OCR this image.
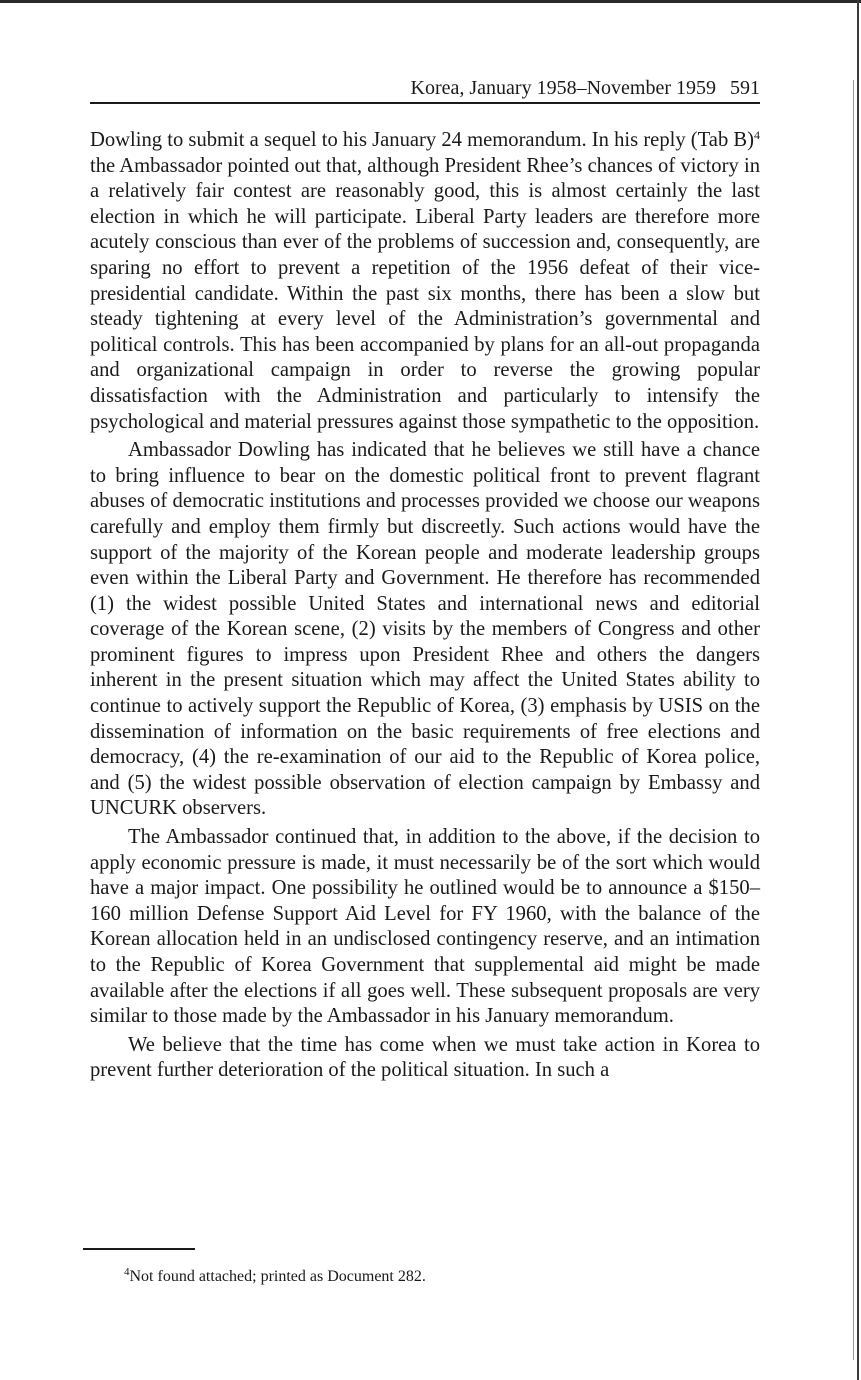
Korea, January 1958–November 1959 591

Dowling to submit a sequel to his January 24 memorandum. In his reply (Tab B)$^4$ the Ambassador pointed out that, although President Rhee’s chances of victory in a relatively fair contest are reasonably good, this is almost certainly the last election in which he will participate. Liberal Party leaders are therefore more acutely conscious than ever of the problems of succession and, consequently, are sparing no effort to prevent a repetition of the 1956 defeat of their vice-presidential candidate. Within the past six months, there has been a slow but steady tightening at every level of the Administration’s governmental and political controls. This has been accompanied by plans for an all-out propaganda and organizational campaign in order to reverse the growing popular dissatisfaction with the Administration and particularly to intensify the psychological and material pressures against those sympathetic to the opposition.

Ambassador Dowling has indicated that he believes we still have a chance to bring influence to bear on the domestic political front to prevent flagrant abuses of democratic institutions and processes provided we choose our weapons carefully and employ them firmly but discreetly. Such actions would have the support of the majority of the Korean people and moderate leadership groups even within the Liberal Party and Government. He therefore has recommended (1) the widest possible United States and international news and editorial coverage of the Korean scene, (2) visits by the members of Congress and other prominent figures to impress upon President Rhee and others the dangers inherent in the present situation which may affect the United States ability to continue to actively support the Republic of Korea, (3) emphasis by USIS on the dissemination of information on the basic requirements of free elections and democracy, (4) the re-examination of our aid to the Republic of Korea police, and (5) the widest possible observation of election campaign by Embassy and UNCURK observers.

The Ambassador continued that, in addition to the above, if the decision to apply economic pressure is made, it must necessarily be of the sort which would have a major impact. One possibility he outlined would be to announce a $150–160 million Defense Support Aid Level for FY 1960, with the balance of the Korean allocation held in an undisclosed contingency reserve, and an intimation to the Republic of Korea Government that supplemental aid might be made available after the elections if all goes well. These subsequent proposals are very similar to those made by the Ambassador in his January memorandum.

We believe that the time has come when we must take action in Korea to prevent further deterioration of the political situation. In such a

$^4$Not found attached; printed as Document 282.
